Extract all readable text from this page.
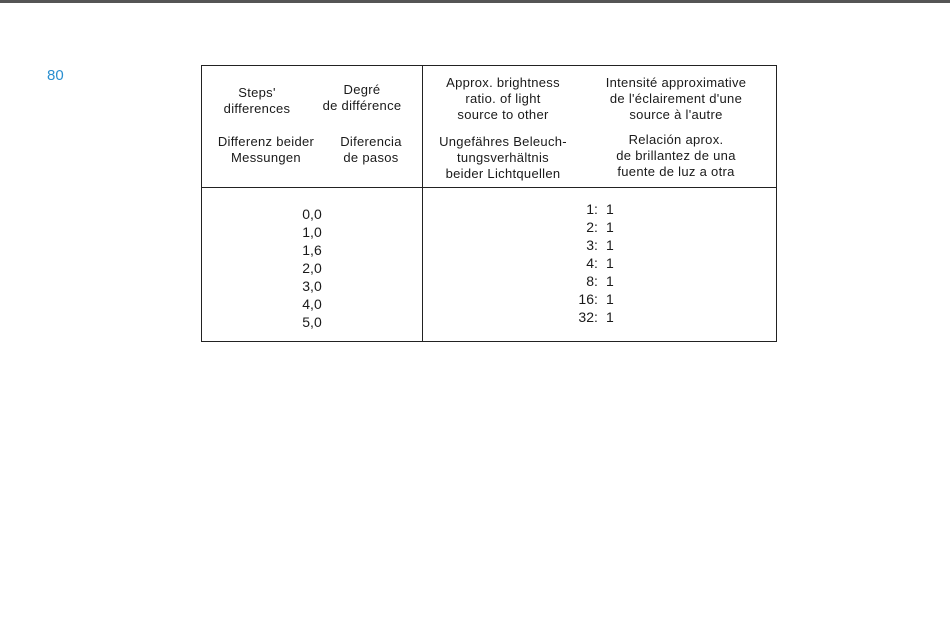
80
Steps'
differences
Degré
de différence
Differenz beider
Messungen
Diferencia
de pasos
Approx. brightness
ratio. of light
source to other
Intensité approximative
de l'éclairement d'une
source à l'autre
Ungefähres Beleuch-
tungsverhältnis
beider Lichtquellen
Relación aprox.
de brillantez de una
fuente de luz a otra
0,0
1,0
1,6
2,0
3,0
4,0
5,0
1 : 1
2 : 1
3 : 1
4 : 1
8 : 1
16 : 1
32 : 1
